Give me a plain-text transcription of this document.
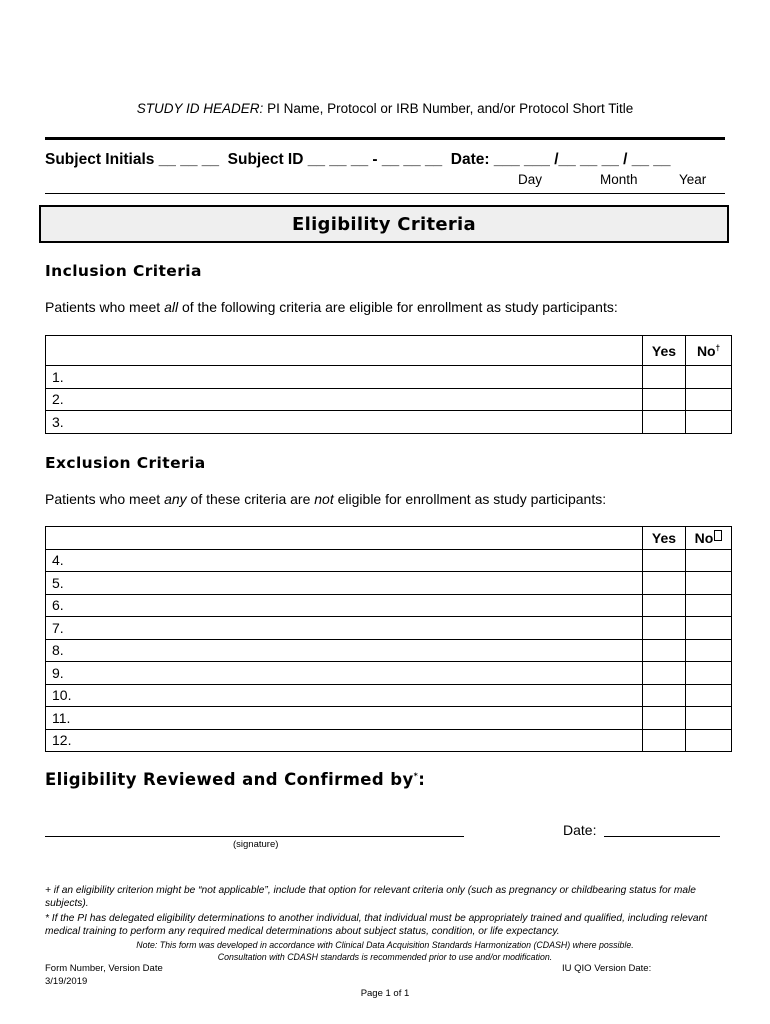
STUDY ID HEADER: PI Name, Protocol or IRB Number, and/or Protocol Short Title
Subject Initials __ __ __  Subject ID __ __ __ - __ __ __  Date: ___ ___ /__ __ __ / __ __
Day	Month	Year
Eligibility Criteria
Inclusion Criteria
Patients who meet all of the following criteria are eligible for enrollment as study participants:
	Yes	No†
1.		
2.		
3.		
Exclusion Criteria
Patients who meet any of these criteria are not eligible for enrollment as study participants:
	Yes	No
4.		
5.		
6.		
7.		
8.		
9.		
10.		
11.		
12.		
Eligibility Reviewed and Confirmed by*:
(signature)
Date:
+ if an eligibility criterion might be “not applicable”, include that option for relevant criteria only (such as pregnancy or childbearing status for male subjects).
* If the PI has delegated eligibility determinations to another individual, that individual must be appropriately trained and qualified, including relevant medical training to perform any required medical determinations about subject status, condition, or life expectancy.
Note: This form was developed in accordance with Clinical Data Acquisition Standards Harmonization (CDASH) where possible.
Consultation with CDASH standards is recommended prior to use and/or modification.
Form Number, Version Date
3/19/2019
IU QIO Version Date:
Page 1 of 1
